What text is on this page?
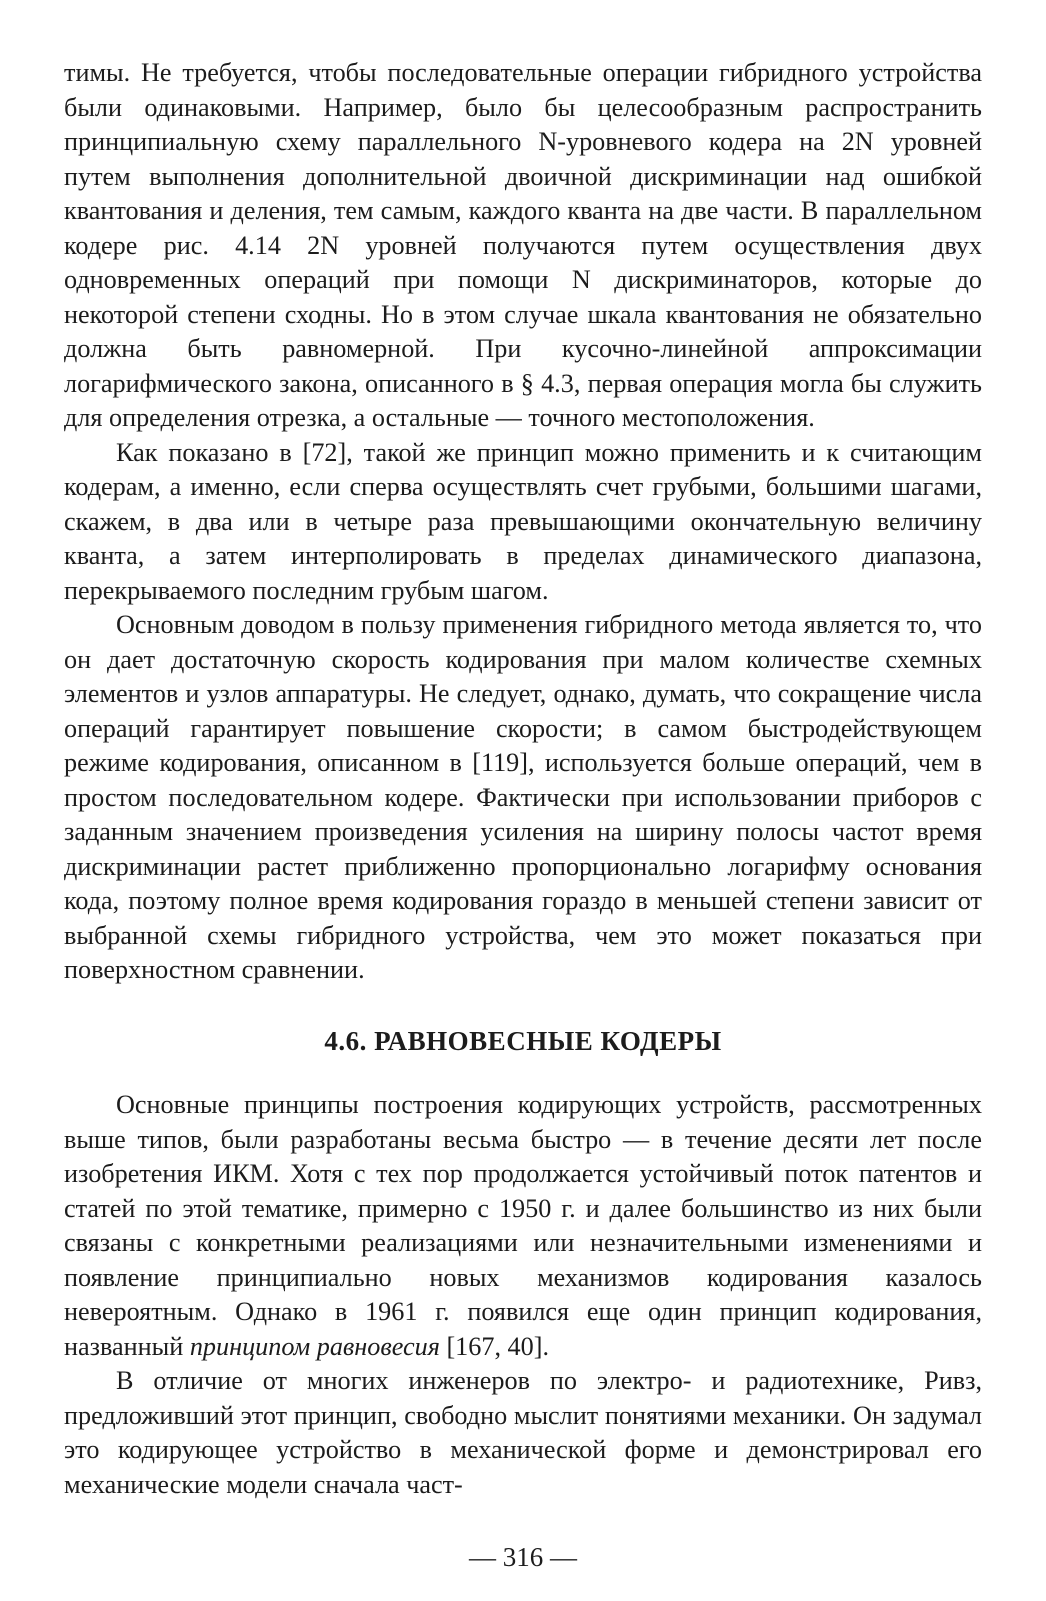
тимы. Не требуется, чтобы последовательные операции гибридного устройства были одинаковыми. Например, было бы целесообразным распространить принципиальную схему параллельного N-уровневого кодера на 2N уровней путем выполнения дополнительной двоичной дискриминации над ошибкой квантования и деления, тем самым, каждого кванта на две части. В параллельном кодере рис. 4.14 2N уровней получаются путем осуществления двух одновременных операций при помощи N дискриминаторов, которые до некоторой степени сходны. Но в этом случае шкала квантования не обязательно должна быть равномерной. При кусочно-линейной аппроксимации логарифмического закона, описанного в § 4.3, первая операция могла бы служить для определения отрезка, а остальные — точного местоположения.

Как показано в [72], такой же принцип можно применить и к считающим кодерам, а именно, если сперва осуществлять счет грубыми, большими шагами, скажем, в два или в четыре раза превышающими окончательную величину кванта, а затем интерполировать в пределах динамического диапазона, перекрываемого последним грубым шагом.

Основным доводом в пользу применения гибридного метода является то, что он дает достаточную скорость кодирования при малом количестве схемных элементов и узлов аппаратуры. Не следует, однако, думать, что сокращение числа операций гарантирует повышение скорости; в самом быстродействующем режиме кодирования, описанном в [119], используется больше операций, чем в простом последовательном кодере. Фактически при использовании приборов с заданным значением произведения усиления на ширину полосы частот время дискриминации растет приближенно пропорционально логарифму основания кода, поэтому полное время кодирования гораздо в меньшей степени зависит от выбранной схемы гибридного устройства, чем это может показаться при поверхностном сравнении.

4.6. РАВНОВЕСНЫЕ КОДЕРЫ

Основные принципы построения кодирующих устройств, рассмотренных выше типов, были разработаны весьма быстро — в течение десяти лет после изобретения ИКМ. Хотя с тех пор продолжается устойчивый поток патентов и статей по этой тематике, примерно с 1950 г. и далее большинство из них были связаны с конкретными реализациями или незначительными изменениями и появление принципиально новых механизмов кодирования казалось невероятным. Однако в 1961 г. появился еще один принцип кодирования, названный принципом равновесия [167, 40].

В отличие от многих инженеров по электро- и радиотехнике, Ривз, предложивший этот принцип, свободно мыслит понятиями механики. Он задумал это кодирующее устройство в механической форме и демонстрировал его механические модели сначала част-

— 316 —
